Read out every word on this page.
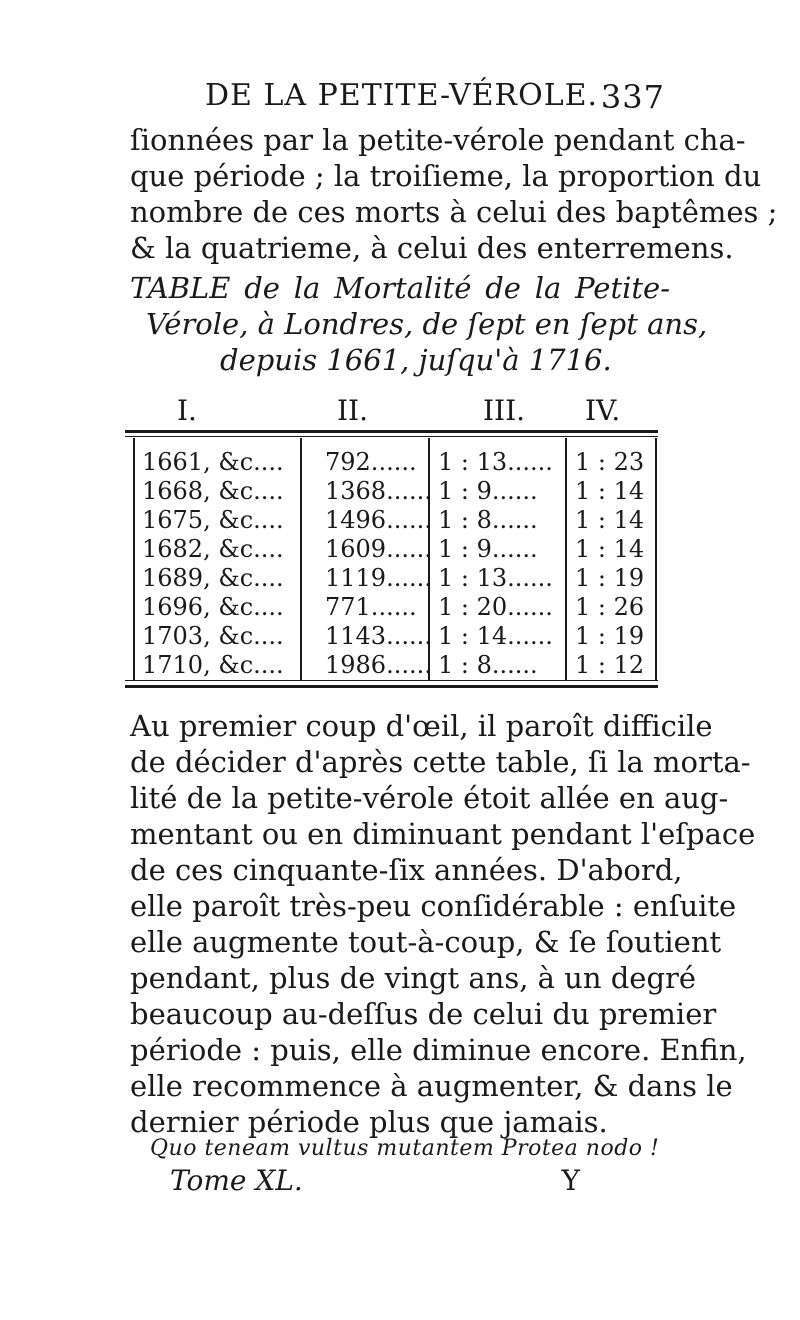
DE LA PETITE-VÉROLE. 337
ſionnées par la petite-vérole pendant cha-
que période ; la troiſieme, la proportion du
nombre de ces morts à celui des baptêmes ;
& la quatrieme, à celui des enterremens.
TABLE de la Mortalité de la Petite-
Vérole, à Londres, de ſept en ſept ans,
depuis 1661, juſqu'à 1716.
I.	II.	III. IV.
1661, &c.... 792...... 1 : 13...... 1 : 23
1668, &c.... 1368...... 1 : 9...... 1 : 14
1675, &c.... 1496...... 1 : 8...... 1 : 14
1682, &c.... 1609...... 1 : 9...... 1 : 14
1689, &c.... 1119...... 1 : 13...... 1 : 19
1696, &c.... 771...... 1 : 20...... 1 : 26
1703, &c.... 1143...... 1 : 14...... 1 : 19
1710, &c.... 1986...... 1 : 8...... 1 : 12
Au premier coup d'œil, il paroît difficile
de décider d'après cette table, ſi la morta-
lité de la petite-vérole étoit allée en aug-
mentant ou en diminuant pendant l'eſpace
de ces cinquante-ſix années. D'abord,
elle paroît très-peu conſidérable : enſuite
elle augmente tout-à-coup, & ſe ſoutient
pendant, plus de vingt ans, à un degré
beaucoup au-deſſus de celui du premier
période : puis, elle diminue encore. Enfin,
elle recommence à augmenter, & dans le
dernier période plus que jamais.
Quo teneam vultus mutantem Protea nodo !
Tome XL.	Y
